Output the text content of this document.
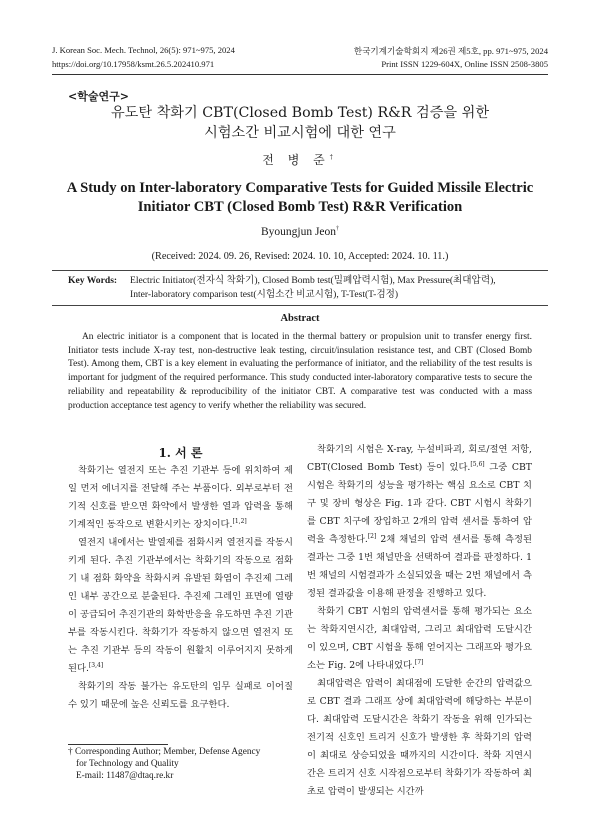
J. Korean Soc. Mech. Technol, 26(5): 971~975, 2024	한국기계기술학회지 제26권 제5호, pp. 971~975, 2024
https://doi.org/10.17958/ksmt.26.5.202410.971	Print ISSN 1229-604X, Online ISSN 2508-3805
<학술연구>
유도탄 착화기 CBT(Closed Bomb Test) R&R 검증을 위한
시험소간 비교시험에 대한 연구
전 병 준†
A Study on Inter-laboratory Comparative Tests for Guided Missile Electric
Initiator CBT (Closed Bomb Test) R&R Verification
Byoungjun Jeon†
(Received: 2024. 09. 26, Revised: 2024. 10. 10, Accepted: 2024. 10. 11.)
Key Words: Electric Initiator(전자식 착화기), Closed Bomb test(밀폐압력시험), Max Pressure(최대압력),
Inter-laboratory comparison test(시험소간 비교시험), T-Test(T-검정)
Abstract
An electric initiator is a component that is located in the thermal battery or propulsion unit to transfer energy first. Initiator tests include X-ray test, non-destructive leak testing, circuit/insulation resistance test, and CBT (Closed Bomb Test). Among them, CBT is a key element in evaluating the performance of initiator, and the reliability of the test results is important for judgment of the required performance. This study conducted inter-laboratory comparative tests to secure the reliability and repeatability & reproducibility of the initiator CBT. A comparative test was conducted with a mass production acceptance test agency to verify whether the reliability was secured.
1. 서 론

착화기는 열전지 또는 추진 기관부 등에 위치하여 제일 먼저 에너지를 전달해 주는 부품이다. 외부로부터 전기적 신호를 받으면 화약에서 발생한 열과 압력을 통해 기계적인 동작으로 변환시키는 장치이다.[1,2]

열전지 내에서는 발열제를 점화시켜 열전지를 작동시키게 된다. 추진 기관부에서는 착화기의 작동으로 점화기 내 점화 화약을 착화시켜 유발된 화염이 추진제 그레인 내부 공간으로 분출된다. 추진제 그레인 표면에 열량이 공급되어 추진기관의 화학반응을 유도하면 추진 기관부를 작동시킨다. 착화기가 작동하지 않으면 열전지 또는 추진 기관부 등의 작동이 원활치 이루어지지 못하게 된다.[3,4]

착화기의 작동 불가는 유도탄의 임무 실패로 이어질 수 있기 때문에 높은 신뢰도를 요구한다.

착화기의 시험은 X-ray, 누설비파괴, 회로/절연 저항, CBT(Closed Bomb Test) 등이 있다.[5,6] 그중 CBT 시험은 착화기의 성능을 평가하는 핵심 요소로 CBT 치구 및 장비 형상은 Fig. 1과 같다. CBT 시험시 착화기를 CBT 치구에 장입하고 2개의 압력 센서를 통하여 압력을 측정한다.[2] 2채 채널의 압력 센서를 통해 측정된 결과는 그중 1번 채널만을 선택하여 결과를 판정하다. 1번 채널의 시험결과가 소실되었을 때는 2번 채널에서 측정된 결과값을 이용해 판정을 진행하고 있다.

착화기 CBT 시험의 압력센서를 통해 평가되는 요소는 착화지연시간, 최대압력, 그리고 최대압력 도달시간이 있으며, CBT 시험을 통해 얻어지는 그래프와 평가요소는 Fig. 2에 나타내었다.[7]

최대압력은 압력이 최대점에 도달한 순간의 압력값으로 CBT 결과 그래프 상에 최대압력에 해당하는 부분이다. 최대압력 도달시간은 착화기 작동을 위해 인가되는 전기적 신호인 트리거 신호가 발생한 후 착화기의 압력이 최대로 상승되었을 때까지의 시간이다. 착화 지연시간은 트리거 신호 시작점으로부터 착화기가 작동하여 최초로 압력이 발생되는 시간까

† Corresponding Author; Member, Defense Agency
for Technology and Quality
E-mail: 11487@dtaq.re.kr
